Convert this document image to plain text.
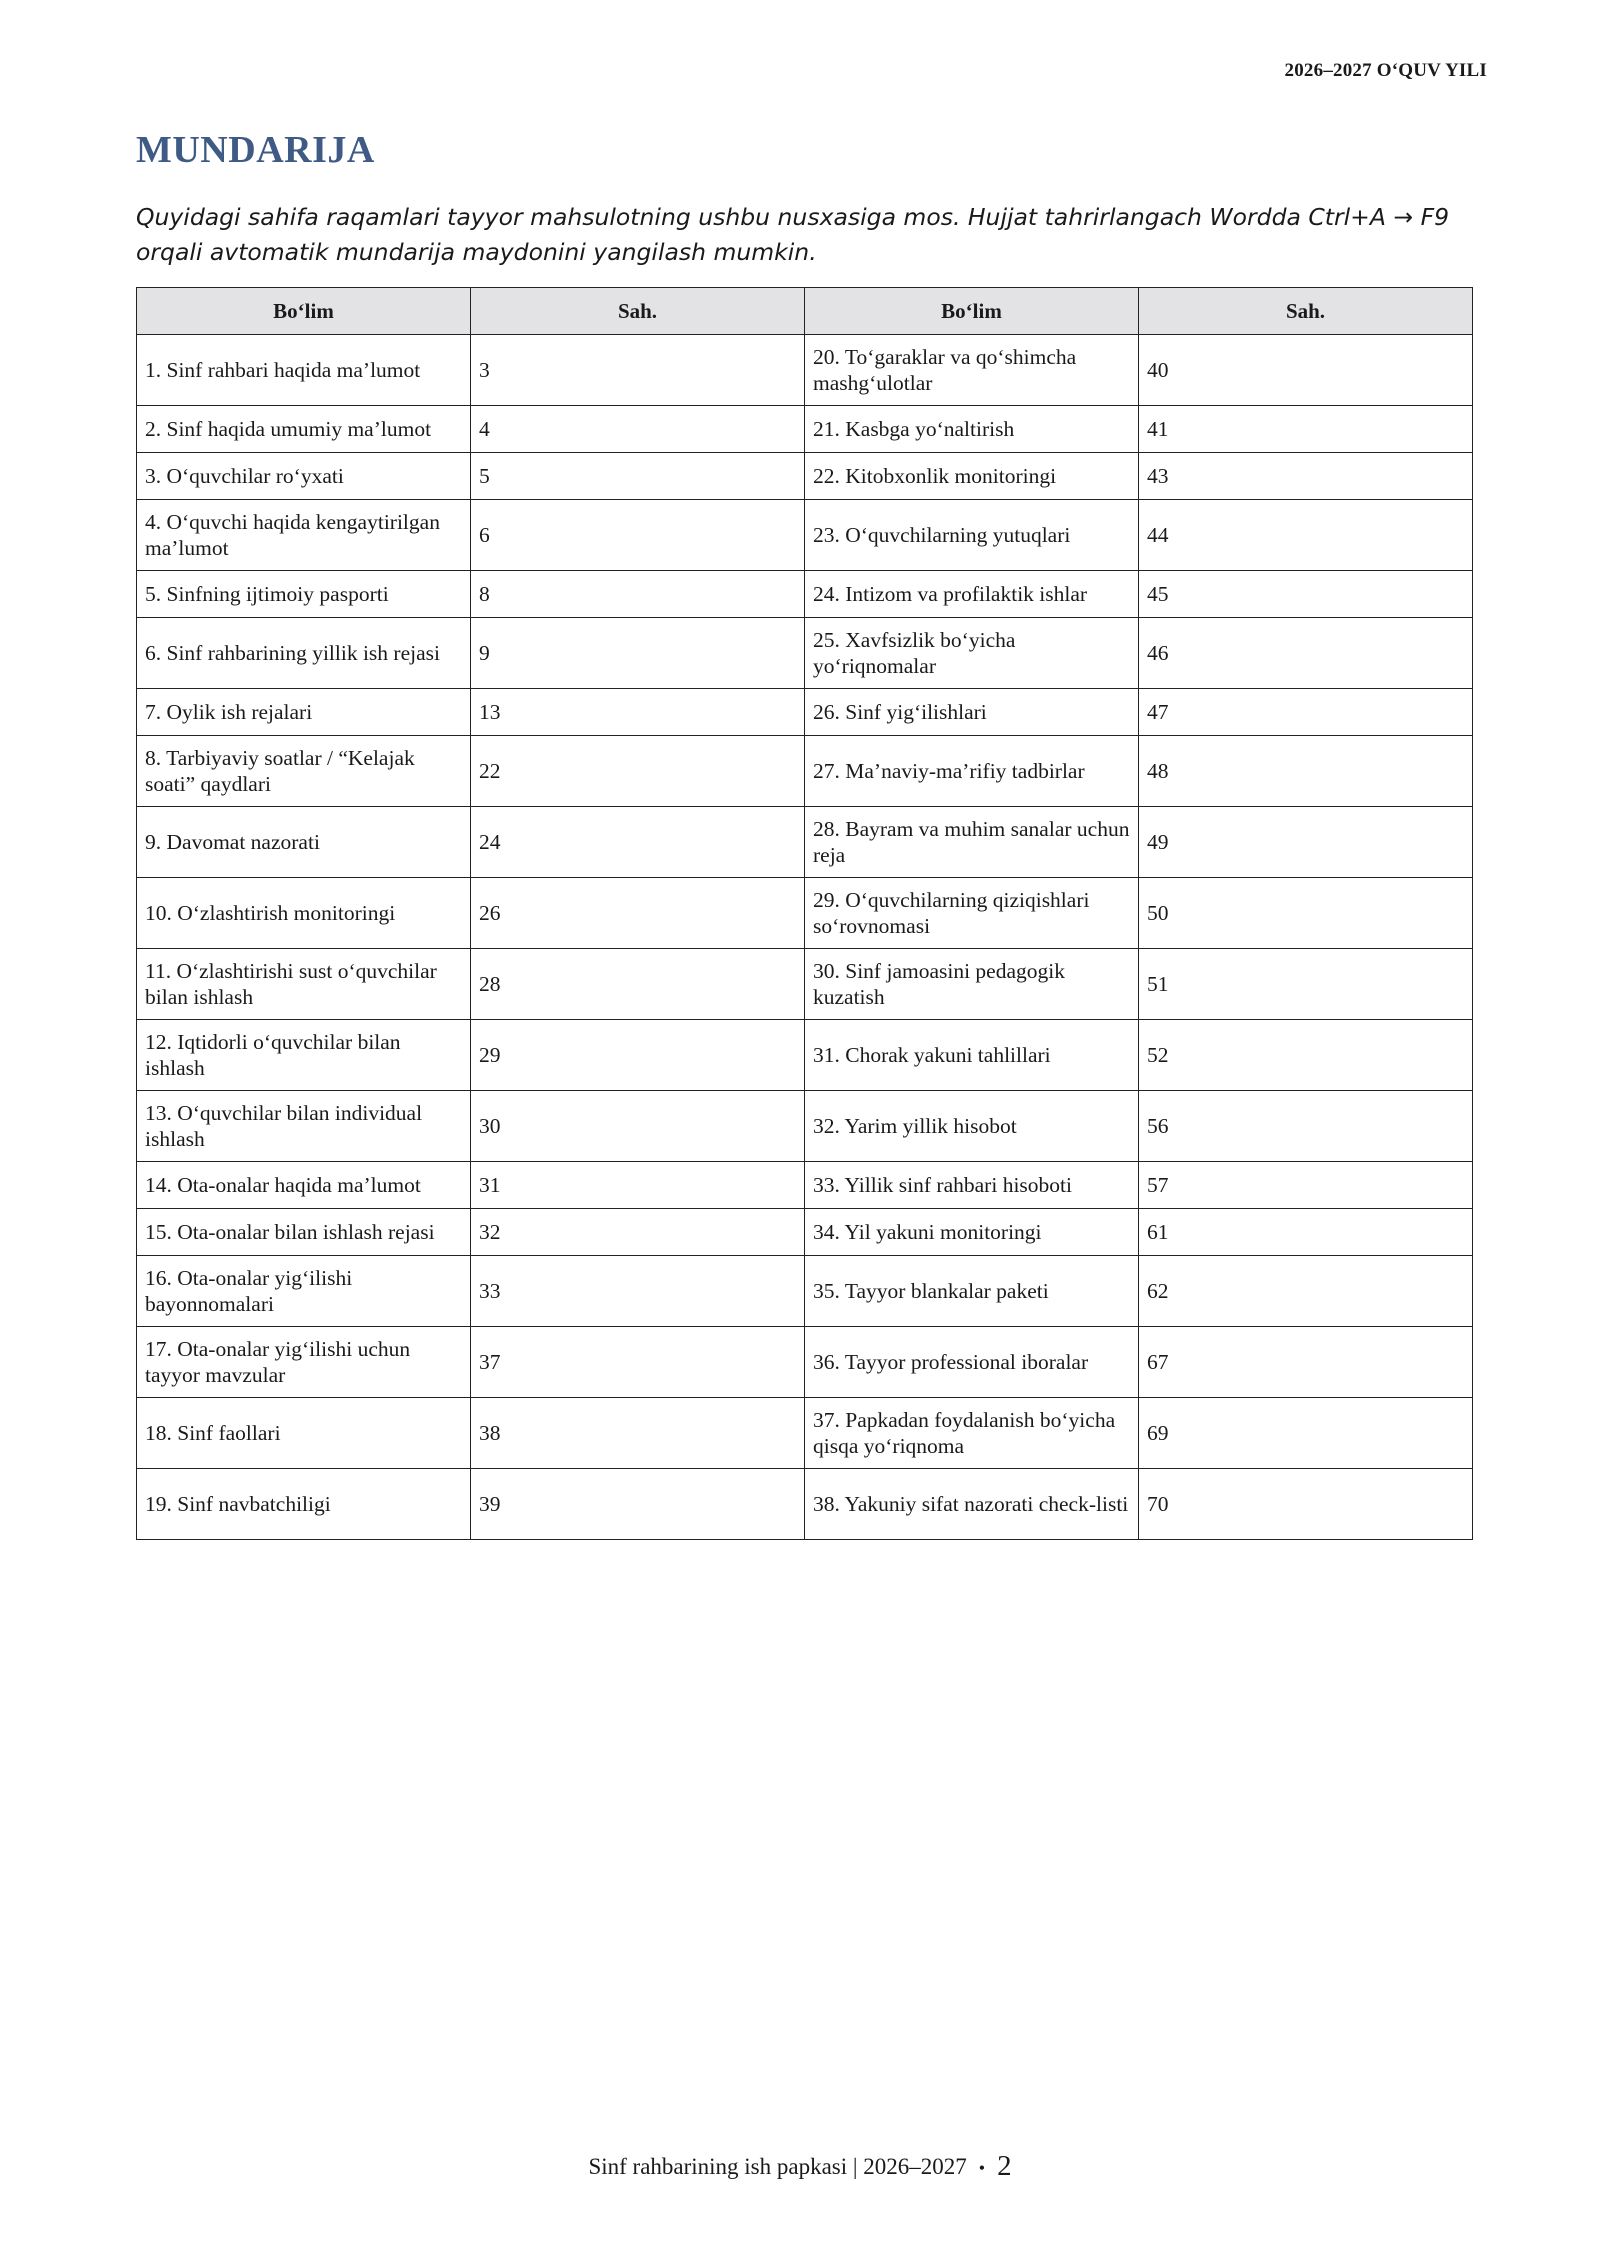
2026–2027 O‘QUV YILI
MUNDARIJA

Quyidagi sahifa raqamlari tayyor mahsulotning ushbu nusxasiga mos. Hujjat tahrirlangach Wordda Ctrl+A → F9 orqali avtomatik mundarija maydonini yangilash mumkin.

Bo‘lim	Sah.	Bo‘lim	Sah.
1. Sinf rahbari haqida ma’lumot	3	20. To‘garaklar va qo‘shimcha mashg‘ulotlar	40
2. Sinf haqida umumiy ma’lumot	4	21. Kasbga yo‘naltirish	41
3. O‘quvchilar ro‘yxati	5	22. Kitobxonlik monitoringi	43
4. O‘quvchi haqida kengaytirilgan ma’lumot	6	23. O‘quvchilarning yutuqlari	44
5. Sinfning ijtimoiy pasporti	8	24. Intizom va profilaktik ishlar	45
6. Sinf rahbarining yillik ish rejasi	9	25. Xavfsizlik bo‘yicha yo‘riqnomalar	46
7. Oylik ish rejalari	13	26. Sinf yig‘ilishlari	47
8. Tarbiyaviy soatlar / “Kelajak soati” qaydlari	22	27. Ma’naviy-ma’rifiy tadbirlar	48
9. Davomat nazorati	24	28. Bayram va muhim sanalar uchun reja	49
10. O‘zlashtirish monitoringi	26	29. O‘quvchilarning qiziqishlari so‘rovnomasi	50
11. O‘zlashtirishi sust o‘quvchilar bilan ishlash	28	30. Sinf jamoasini pedagogik kuzatish	51
12. Iqtidorli o‘quvchilar bilan ishlash	29	31. Chorak yakuni tahlillari	52
13. O‘quvchilar bilan individual ishlash	30	32. Yarim yillik hisobot	56
14. Ota-onalar haqida ma’lumot	31	33. Yillik sinf rahbari hisoboti	57
15. Ota-onalar bilan ishlash rejasi	32	34. Yil yakuni monitoringi	61
16. Ota-onalar yig‘ilishi bayonnomalari	33	35. Tayyor blankalar paketi	62
17. Ota-onalar yig‘ilishi uchun tayyor mavzular	37	36. Tayyor professional iboralar	67
18. Sinf faollari	38	37. Papkadan foydalanish bo‘yicha qisqa yo‘riqnoma	69
19. Sinf navbatchiligi	39	38. Yakuniy sifat nazorati check-listi	70
Sinf rahbarining ish papkasi | 2026–2027 • 2
